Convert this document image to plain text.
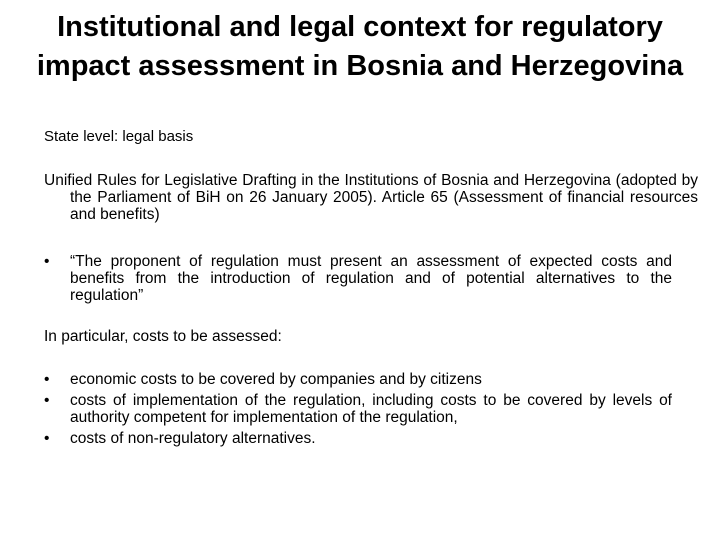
Institutional and legal context for regulatory impact assessment in Bosnia and Herzegovina

State level: legal basis

Unified Rules for Legislative Drafting in the Institutions of Bosnia and Herzegovina (adopted by the Parliament of BiH on 26 January 2005). Article 65 (Assessment of financial resources and benefits)

•	“The proponent of regulation must present an assessment of expected costs and benefits from the introduction of regulation and of potential alternatives to the regulation”

In particular, costs to be assessed:

• economic costs to be covered by companies and by citizens
• costs of implementation of the regulation, including costs to be covered by levels of authority competent for implementation of the regulation,
• costs of non-regulatory alternatives.
